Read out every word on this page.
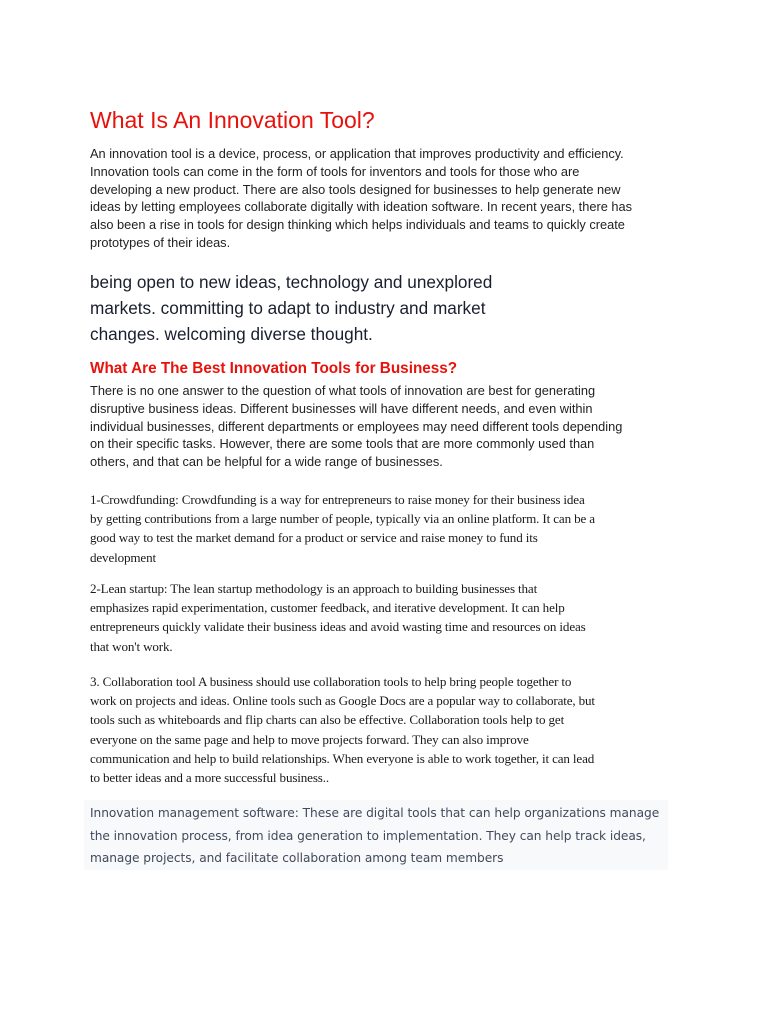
What Is An Innovation Tool?

An innovation tool is a device, process, or application that improves productivity and efficiency.
Innovation tools can come in the form of tools for inventors and tools for those who are
developing a new product. There are also tools designed for businesses to help generate new
ideas by letting employees collaborate digitally with ideation software. In recent years, there has
also been a rise in tools for design thinking which helps individuals and teams to quickly create
prototypes of their ideas.

being open to new ideas, technology and unexplored
markets. committing to adapt to industry and market
changes. welcoming diverse thought.

What Are The Best Innovation Tools for Business?

There is no one answer to the question of what tools of innovation are best for generating
disruptive business ideas. Different businesses will have different needs, and even within
individual businesses, different departments or employees may need different tools depending
on their specific tasks. However, there are some tools that are more commonly used than
others, and that can be helpful for a wide range of businesses.

1-Crowdfunding: Crowdfunding is a way for entrepreneurs to raise money for their business idea
by getting contributions from a large number of people, typically via an online platform. It can be a
good way to test the market demand for a product or service and raise money to fund its
development

2-Lean startup: The lean startup methodology is an approach to building businesses that
emphasizes rapid experimentation, customer feedback, and iterative development. It can help
entrepreneurs quickly validate their business ideas and avoid wasting time and resources on ideas
that won't work.

3. Collaboration tool A business should use collaboration tools to help bring people together to
work on projects and ideas. Online tools such as Google Docs are a popular way to collaborate, but
tools such as whiteboards and flip charts can also be effective. Collaboration tools help to get
everyone on the same page and help to move projects forward. They can also improve
communication and help to build relationships. When everyone is able to work together, it can lead
to better ideas and a more successful business..

Innovation management software: These are digital tools that can help organizations manage
the innovation process, from idea generation to implementation. They can help track ideas,
manage projects, and facilitate collaboration among team members
